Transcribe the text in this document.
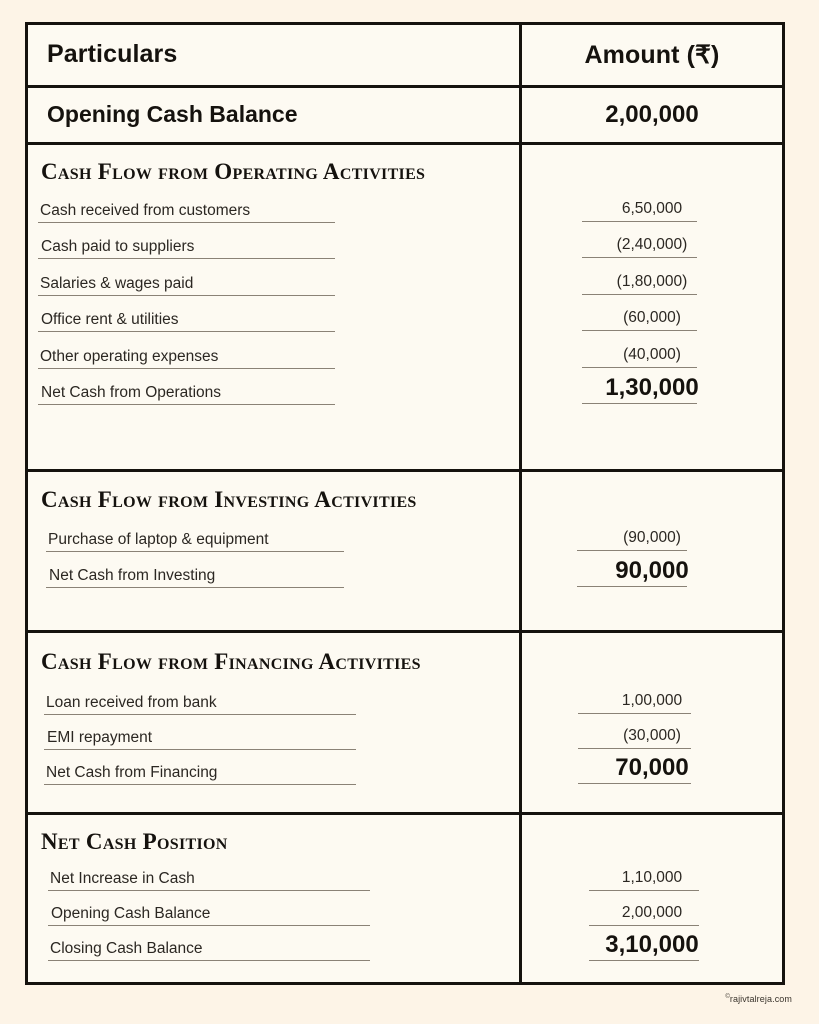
Particulars	Amount (₹)
Opening Cash Balance	2,00,000
Cash Flow from Operating Activities
Cash received from customers
Cash paid to suppliers
Salaries & wages paid
Office rent & utilities
Other operating expenses
Net Cash from Operations
6,50,000
(2,40,000)
(1,80,000)
(60,000)
(40,000)
1,30,000
Cash Flow from Investing Activities
Purchase of laptop & equipment
Net Cash from Investing
(90,000)
90,000
Cash Flow from Financing Activities
Loan received from bank
EMI repayment
Net Cash from Financing
1,00,000
(30,000)
70,000
Net Cash Position
Net Increase in Cash
Opening Cash Balance
Closing Cash Balance
1,10,000
2,00,000
3,10,000
©rajivtalreja.com
